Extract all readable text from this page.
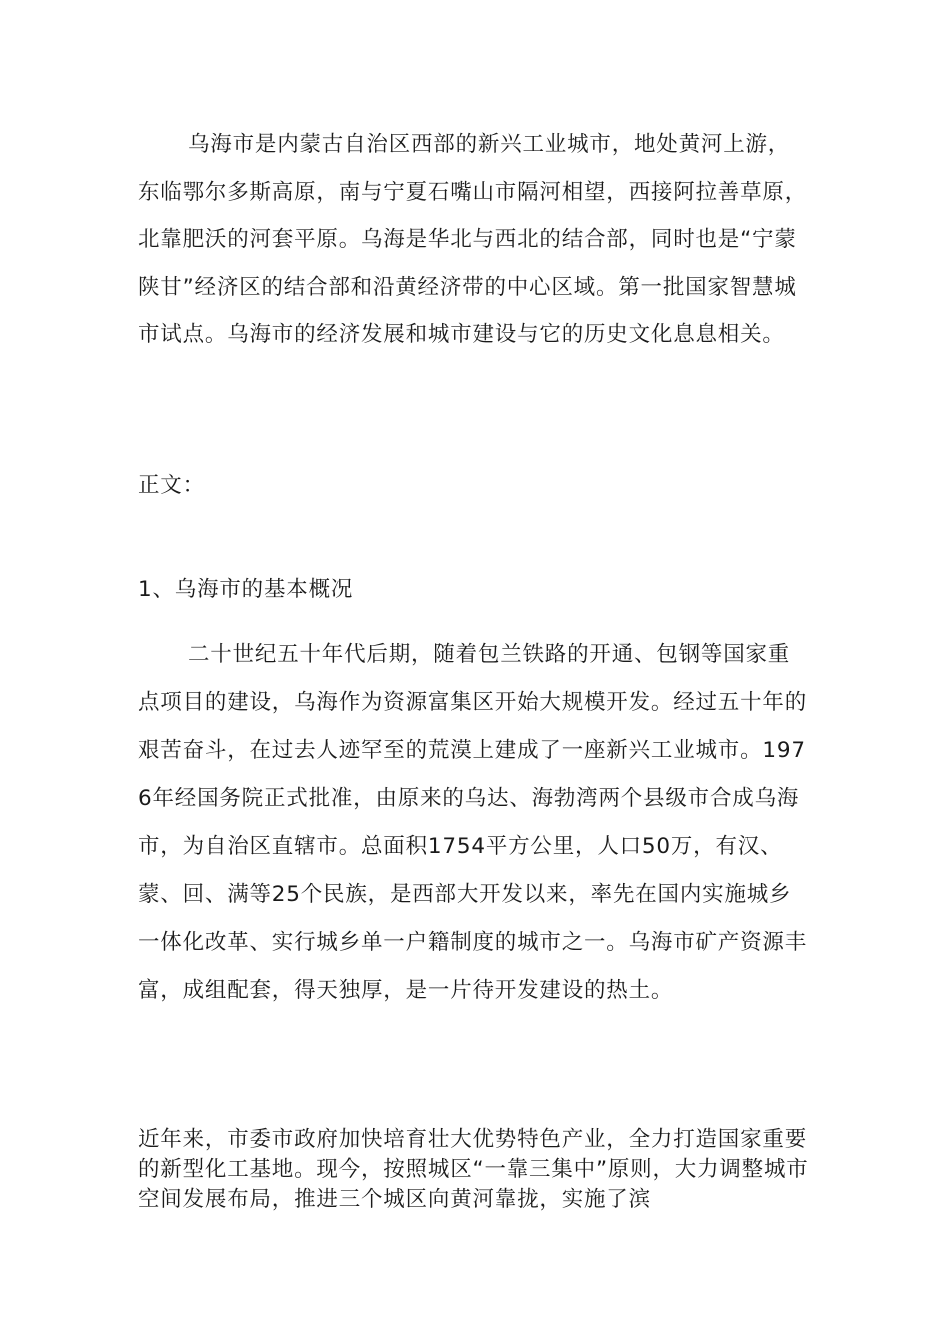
乌海市是内蒙古自治区西部的新兴工业城市，地处黄河上游，东临鄂尔多斯高原，南与宁夏石嘴山市隔河相望，西接阿拉善草原，北靠肥沃的河套平原。乌海是华北与西北的结合部，同时也是“宁蒙陕甘”经济区的结合部和沿黄经济带的中心区域。第一批国家智慧城市试点。乌海市的经济发展和城市建设与它的历史文化息息相关。

正文：

1、乌海市的基本概况

二十世纪五十年代后期，随着包兰铁路的开通、包钢等国家重点项目的建设，乌海作为资源富集区开始大规模开发。经过五十年的艰苦奋斗，在过去人迹罕至的荒漠上建成了一座新兴工业城市。1976年经国务院正式批准，由原来的乌达、海勃湾两个县级市合成乌海市，为自治区直辖市。总面积1754平方公里，人口50万，有汉、蒙、回、满等25个民族，是西部大开发以来，率先在国内实施城乡一体化改革、实行城乡单一户籍制度的城市之一。乌海市矿产资源丰富，成组配套，得天独厚，是一片待开发建设的热土。

近年来，市委市政府加快培育壮大优势特色产业，全力打造国家重要的新型化工基地。现今，按照城区“一靠三集中”原则，大力调整城市空间发展布局，推进三个城区向黄河靠拢，实施了滨
